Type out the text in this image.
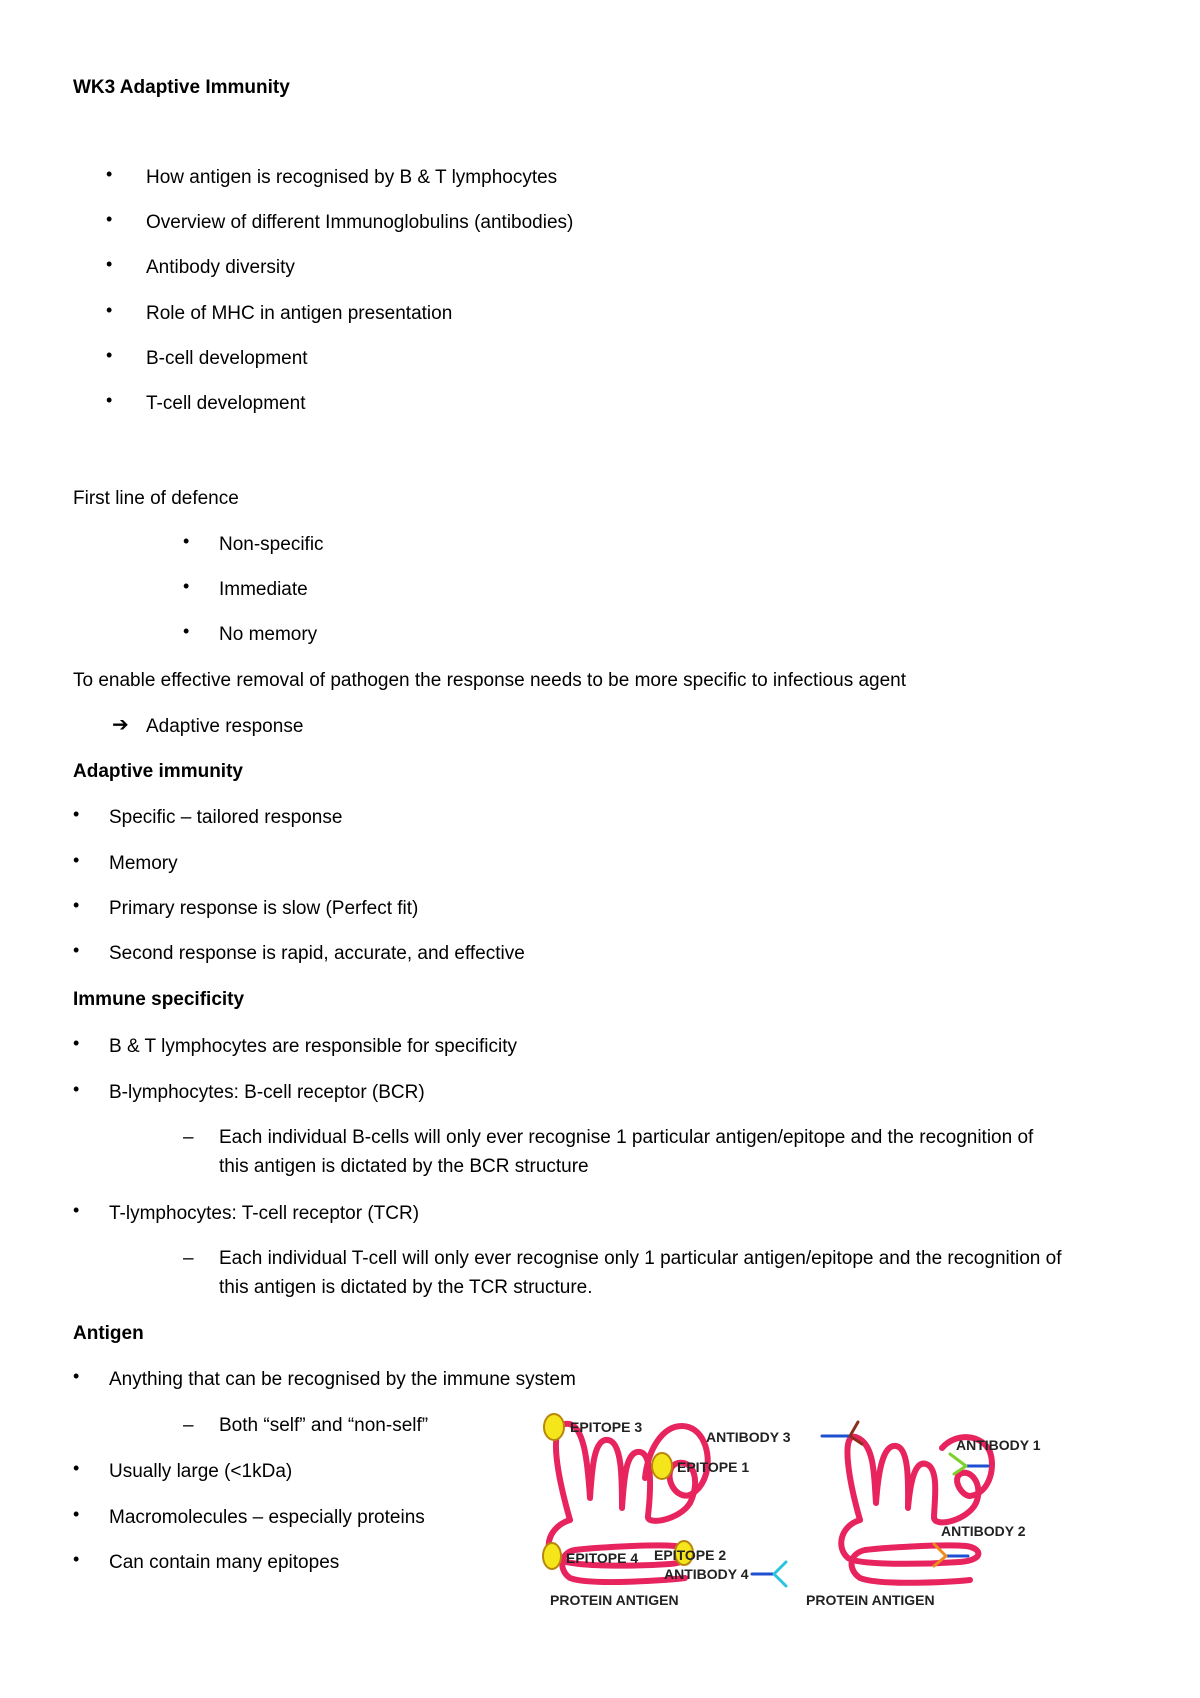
WK3 Adaptive Immunity
• How antigen is recognised by B & T lymphocytes
• Overview of different Immunoglobulins (antibodies)
• Antibody diversity
• Role of MHC in antigen presentation
• B-cell development
• T-cell development
First line of defence
• Non-specific
• Immediate
• No memory
To enable effective removal of pathogen the response needs to be more specific to infectious agent
➔ Adaptive response
Adaptive immunity
• Specific – tailored response
• Memory
• Primary response is slow (Perfect fit)
• Second response is rapid, accurate, and effective
Immune specificity
• B & T lymphocytes are responsible for specificity
• B-lymphocytes: B-cell receptor (BCR)
– Each individual B-cells will only ever recognise 1 particular antigen/epitope and the recognition of
this antigen is dictated by the BCR structure
• T-lymphocytes: T-cell receptor (TCR)
– Each individual T-cell will only ever recognise only 1 particular antigen/epitope and the recognition of
this antigen is dictated by the TCR structure.
Antigen
• Anything that can be recognised by the immune system
– Both “self” and “non-self”
• Usually large (<1kDa)
• Macromolecules – especially proteins
• Can contain many epitopes
EPITOPE 3
EPITOPE 1
EPITOPE 2
EPITOPE 4
PROTEIN ANTIGEN
ANTIBODY 3	ANTIBODY 1
ANTIBODY 2
ANTIBODY 4
PROTEIN ANTIGEN
